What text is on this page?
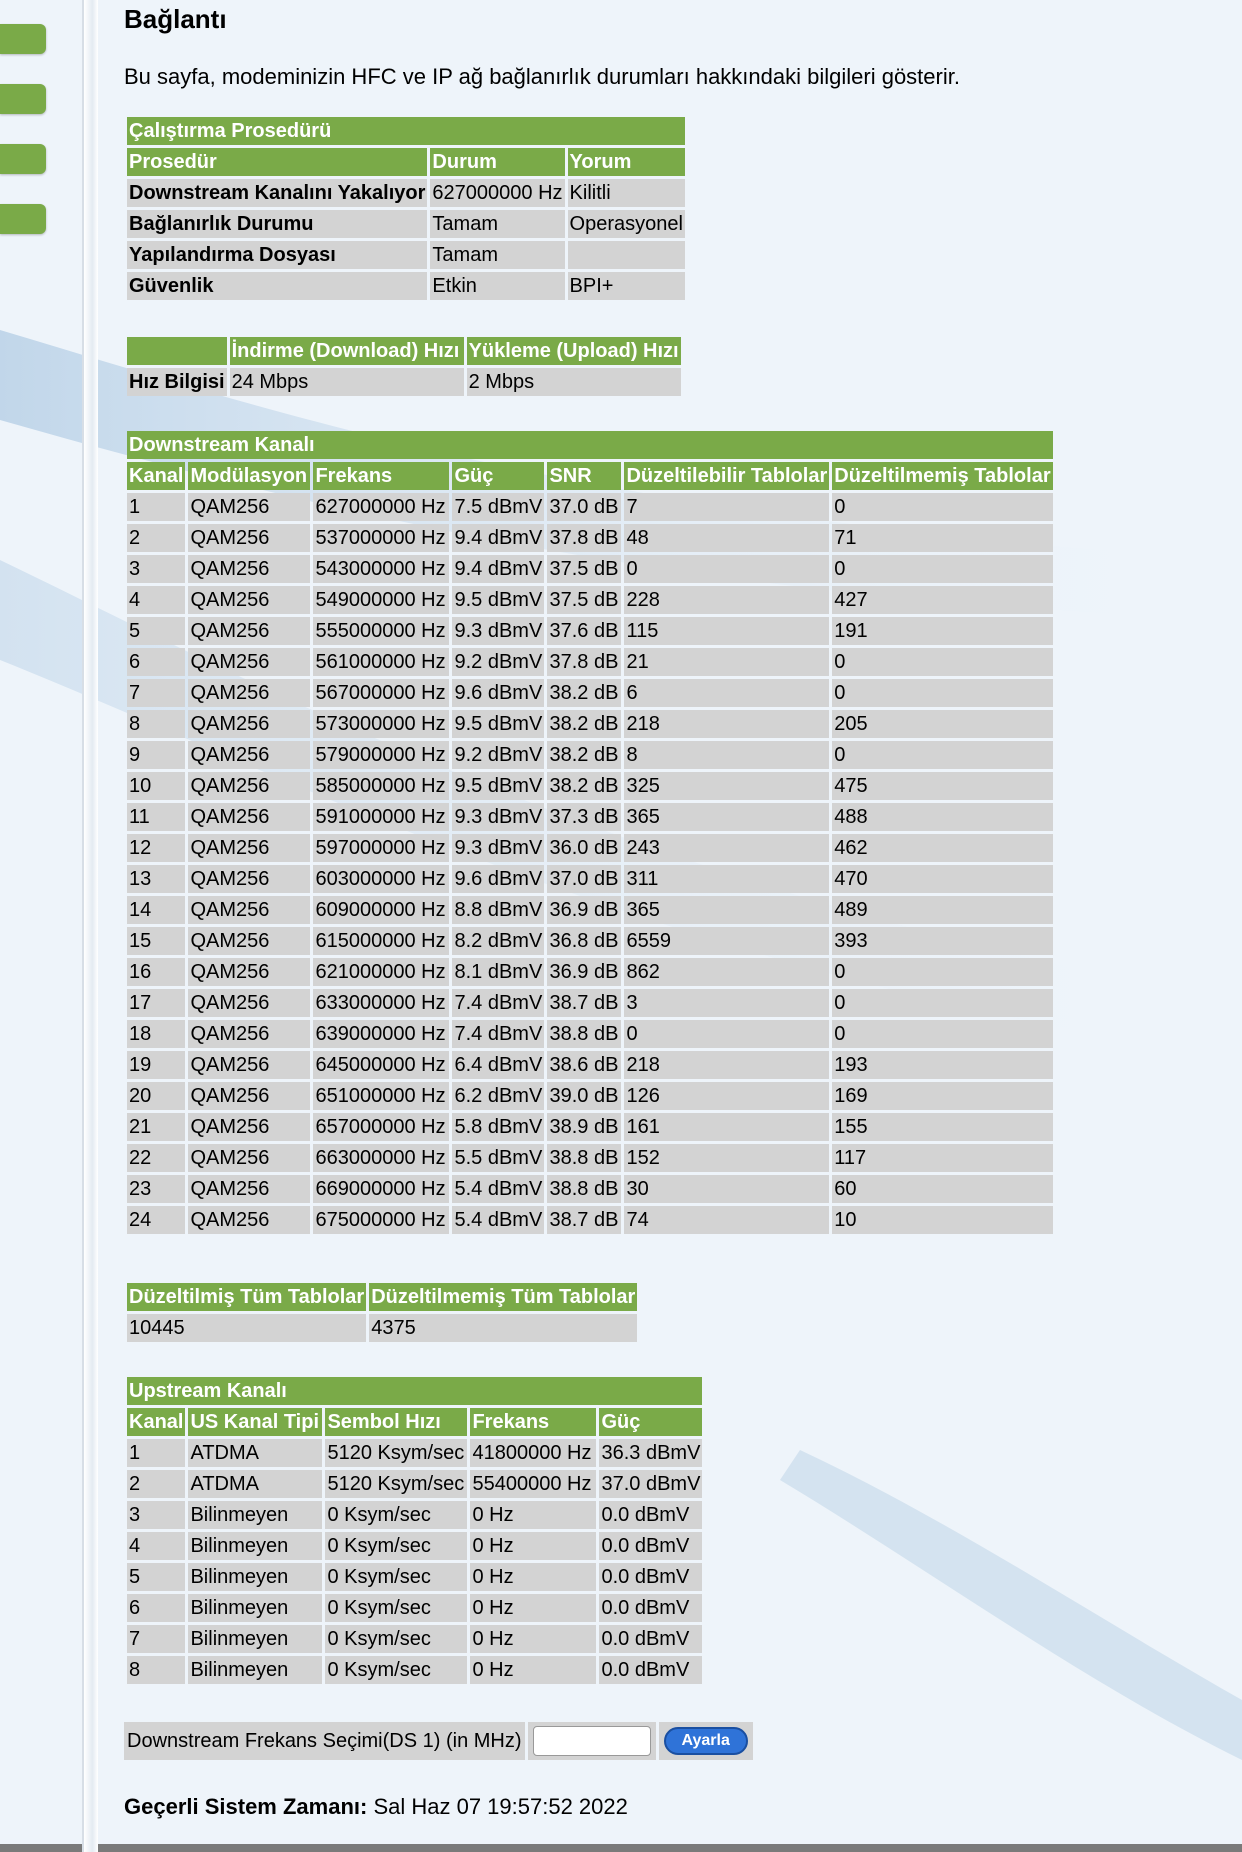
Bağlantı
Bu sayfa, modeminizin HFC ve IP ağ bağlanırlık durumları hakkındaki bilgileri gösterir.
Çalıştırma Prosedürü		
Prosedür	Durum	Yorum
Downstream Kanalını Yakalıyor	627000000 Hz	Kilitli
Bağlanırlık Durumu	Tamam	Operasyonel
Yapılandırma Dosyası	Tamam	
Güvenlik	Etkin	BPI+
	İndirme (Download) Hızı	Yükleme (Upload) Hızı
Hız Bilgisi	24 Mbps	2 Mbps
Downstream Kanalı						
Kanal	Modülasyon	Frekans	Güç	SNR	Düzeltilebilir Tablolar	Düzeltilmemiş Tablolar
1	QAM256	627000000 Hz	7.5 dBmV	37.0 dB	7	0
2	QAM256	537000000 Hz	9.4 dBmV	37.8 dB	48	71
3	QAM256	543000000 Hz	9.4 dBmV	37.5 dB	0	0
4	QAM256	549000000 Hz	9.5 dBmV	37.5 dB	228	427
5	QAM256	555000000 Hz	9.3 dBmV	37.6 dB	115	191
6	QAM256	561000000 Hz	9.2 dBmV	37.8 dB	21	0
7	QAM256	567000000 Hz	9.6 dBmV	38.2 dB	6	0
8	QAM256	573000000 Hz	9.5 dBmV	38.2 dB	218	205
9	QAM256	579000000 Hz	9.2 dBmV	38.2 dB	8	0
10	QAM256	585000000 Hz	9.5 dBmV	38.2 dB	325	475
11	QAM256	591000000 Hz	9.3 dBmV	37.3 dB	365	488
12	QAM256	597000000 Hz	9.3 dBmV	36.0 dB	243	462
13	QAM256	603000000 Hz	9.6 dBmV	37.0 dB	311	470
14	QAM256	609000000 Hz	8.8 dBmV	36.9 dB	365	489
15	QAM256	615000000 Hz	8.2 dBmV	36.8 dB	6559	393
16	QAM256	621000000 Hz	8.1 dBmV	36.9 dB	862	0
17	QAM256	633000000 Hz	7.4 dBmV	38.7 dB	3	0
18	QAM256	639000000 Hz	7.4 dBmV	38.8 dB	0	0
19	QAM256	645000000 Hz	6.4 dBmV	38.6 dB	218	193
20	QAM256	651000000 Hz	6.2 dBmV	39.0 dB	126	169
21	QAM256	657000000 Hz	5.8 dBmV	38.9 dB	161	155
22	QAM256	663000000 Hz	5.5 dBmV	38.8 dB	152	117
23	QAM256	669000000 Hz	5.4 dBmV	38.8 dB	30	60
24	QAM256	675000000 Hz	5.4 dBmV	38.7 dB	74	10
Düzeltilmiş Tüm Tablolar	Düzeltilmemiş Tüm Tablolar
10445	4375
Upstream Kanalı				
Kanal	US Kanal Tipi	Sembol Hızı	Frekans	Güç
1	ATDMA	5120 Ksym/sec	41800000 Hz	36.3 dBmV
2	ATDMA	5120 Ksym/sec	55400000 Hz	37.0 dBmV
3	Bilinmeyen	0 Ksym/sec	0 Hz	0.0 dBmV
4	Bilinmeyen	0 Ksym/sec	0 Hz	0.0 dBmV
5	Bilinmeyen	0 Ksym/sec	0 Hz	0.0 dBmV
6	Bilinmeyen	0 Ksym/sec	0 Hz	0.0 dBmV
7	Bilinmeyen	0 Ksym/sec	0 Hz	0.0 dBmV
8	Bilinmeyen	0 Ksym/sec	0 Hz	0.0 dBmV
Downstream Frekans Seçimi(DS 1) (in MHz)	Ayarla
Geçerli Sistem Zamanı: Sal Haz 07 19:57:52 2022
